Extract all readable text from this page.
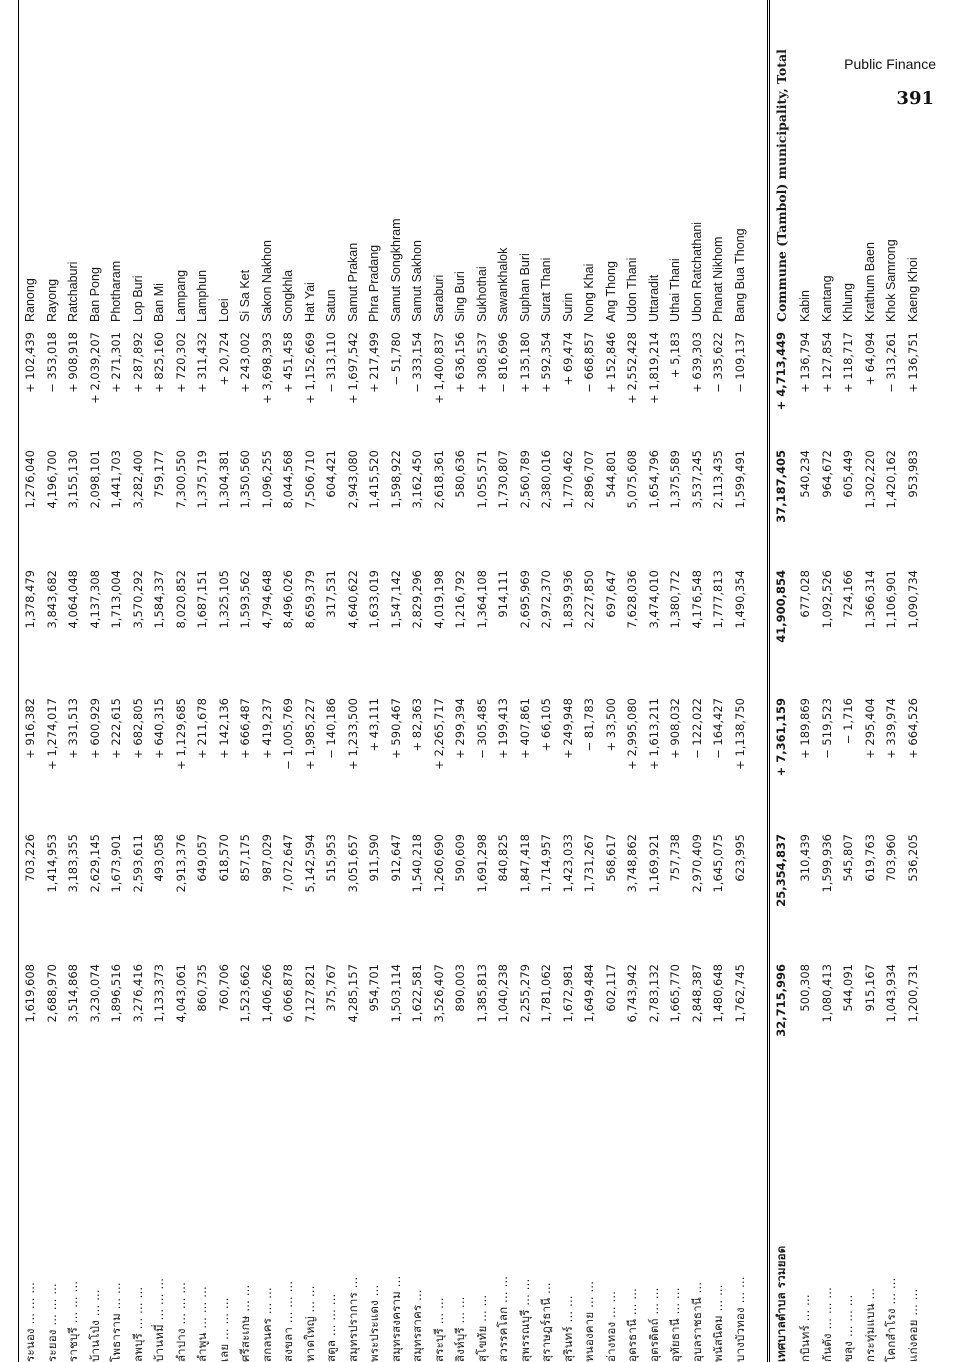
Public Finance
391
ระนอง ... ... ...
1,619,608
703,226
+ 916,382
1,378,479
1,276,040
+ 102,439
Ranong
ระยอง ... ... ...
2,688,970
1,414,953
+ 1,274,017
3,843,682
4,196,700
− 353,018
Rayong
ราชบุรี ... ... ...
3,514,868
3,183,355
+ 331,513
4,064,048
3,155,130
+ 908,918
Ratchaburi
บ้านโป่ง ... ...
3,230,074
2,629,145
+ 600,929
4,137,308
2,098,101
+ 2,039,207
Ban Pong
โพธาราม ... ...
1,896,516
1,673,901
+ 222,615
1,713,004
1,441,703
+ 271,301
Photharam
ลพบุรี ... ... ...
3,276,416
2,593,611
+ 682,805
3,570,292
3,282,400
+ 287,892
Lop Buri
บ้านหมี่ ... ... ...
1,133,373
493,058
+ 640,315
1,584,337
759,177
+ 825,160
Ban Mi
ลำปาง ... ... ...
4,043,061
2,913,376
+ 1,129,685
8,020,852
7,300,550
+ 720,302
Lampang
ลำพูน ... ... ...
860,735
649,057
+ 211,678
1,687,151
1,375,719
+ 311,432
Lamphun
เลย ... ... ...
760,706
618,570
+ 142,136
1,325,105
1,304,381
+ 20,724
Loei
ศรีสะเกษ ... ...
1,523,662
857,175
+ 666,487
1,593,562
1,350,560
+ 243,002
Si Sa Ket
สกลนคร ... ...
1,406,266
987,029
+ 419,237
4,794,648
1,096,255
+ 3,698,393
Sakon Nakhon
สงขลา ... ... ...
6,066,878
7,072,647
− 1,005,769
8,496,026
8,044,568
+ 451,458
Songkhla
หาดใหญ่ ... ...
7,127,821
5,142,594
+ 1,985,227
8,659,379
7,506,710
+ 1,152,669
Hat Yai
สตูล ... ... ...
375,767
515,953
− 140,186
317,531
604,421
− 313,110
Satun
สมุทรปราการ ...
4,285,157
3,051,657
+ 1,233,500
4,640,622
2,943,080
+ 1,697,542
Samut Prakan
พระประแดง ...
954,701
911,590
+ 43,111
1,633,019
1,415,520
+ 217,499
Phra Pradang
สมุทรสงคราม ...
1,503,114
912,647
+ 590,467
1,547,142
1,598,922
− 51,780
Samut Songkhram
สมุทรสาคร ...
1,622,581
1,540,218
+ 82,363
2,829,296
3,162,450
− 333,154
Samut Sakhon
สระบุรี ... ...
3,526,407
1,260,690
+ 2,265,717
4,019,198
2,618,361
+ 1,400,837
Saraburi
สิงห์บุรี ... ...
890,003
590,609
+ 299,394
1,216,792
580,636
+ 636,156
Sing Buri
สุโขทัย ... ...
1,385,813
1,691,298
− 305,485
1,364,108
1,055,571
+ 308,537
Sukhothai
สวรรคโลก ... ...
1,040,238
840,825
+ 199,413
914,111
1,730,807
− 816,696
Sawankhalok
สุพรรณบุรี ... ...
2,255,279
1,847,418
+ 407,861
2,695,969
2,560,789
+ 135,180
Suphan Buri
สุราษฎร์ธานี ...
1,781,062
1,714,957
+ 66,105
2,972,370
2,380,016
+ 592,354
Surat Thani
สุรินทร์ ... ...
1,672,981
1,423,033
+ 249,948
1,839,936
1,770,462
+ 69,474
Surin
หนองคาย ... ...
1,649,484
1,731,267
− 81,783
2,227,850
2,896,707
− 668,857
Nong Khai
อ่างทอง ... ...
602,117
568,617
+ 33,500
697,647
544,801
+ 152,846
Ang Thong
อุดรธานี ... ...
6,743,942
3,748,862
+ 2,995,080
7,628,036
5,075,608
+ 2,552,428
Udon Thani
อุตรดิตถ์ ... ...
2,783,132
1,169,921
+ 1,613,211
3,474,010
1,654,796
+ 1,819,214
Uttaradit
อุทัยธานี ... ...
1,665,770
757,738
+ 908,032
1,380,772
1,375,589
+ 5,183
Uthai Thani
อุบลราชธานี ...
2,848,387
2,970,409
− 122,022
4,176,548
3,537,245
+ 639,303
Ubon Ratchathani
พนัสนิคม ... ...
1,480,648
1,645,075
− 164,427
1,777,813
2,113,435
− 335,622
Phanat Nikhom
บางบัวทอง ... ...
1,762,745
623,995
+ 1,138,750
1,490,354
1,599,491
− 109,137
Bang Bua Thong
เทศบาลตำบล รวมยอด
32,715,996
25,354,837
+ 7,361,159
41,900,854
37,187,405
+ 4,713,449
Commune (Tambol) municipality, Total
กบินทร์ ... ...
500,308
310,439
+ 189,869
677,028
540,234
+ 136,794
Kabin
กันตัง ... ... ...
1,080,413
1,599,936
− 519,523
1,092,526
964,672
+ 127,854
Kantang
ขลุง ... ... ...
544,091
545,807
− 1,716
724,166
605,449
+ 118,717
Khlung
กระทุ่มแบน ...
915,167
619,763
+ 295,404
1,366,314
1,302,220
+ 64,094
Krathum Baen
โคกสำโรง ... ...
1,043,934
703,960
+ 339,974
1,106,901
1,420,162
− 313,261
Khok Samrong
แก่งคอย ... ...
1,200,731
536,205
+ 664,526
1,090,734
953,983
+ 136,751
Kaeng Khoi
